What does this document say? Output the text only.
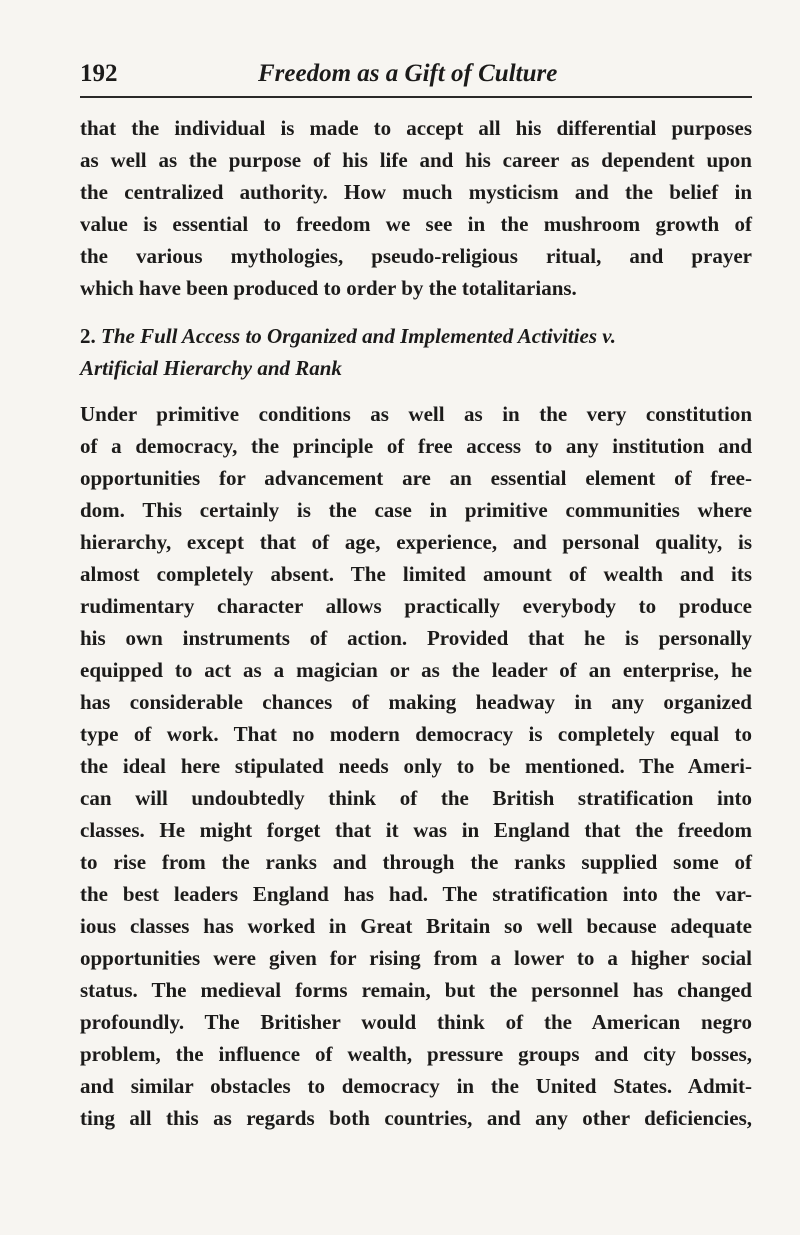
192	Freedom as a Gift of Culture
that the individual is made to accept all his differential purposes
as well as the purpose of his life and his career as dependent upon
the centralized authority. How much mysticism and the belief in
value is essential to freedom we see in the mushroom growth of
the various mythologies, pseudo-religious ritual, and prayer
which have been produced to order by the totalitarians.
2. The Full Access to Organized and Implemented Activities v.
Artificial Hierarchy and Rank
Under primitive conditions as well as in the very constitution
of a democracy, the principle of free access to any institution and
opportunities for advancement are an essential element of free-
dom. This certainly is the case in primitive communities where
hierarchy, except that of age, experience, and personal quality, is
almost completely absent. The limited amount of wealth and its
rudimentary character allows practically everybody to produce
his own instruments of action. Provided that he is personally
equipped to act as a magician or as the leader of an enterprise, he
has considerable chances of making headway in any organized
type of work. That no modern democracy is completely equal to
the ideal here stipulated needs only to be mentioned. The Ameri-
can will undoubtedly think of the British stratification into
classes. He might forget that it was in England that the freedom
to rise from the ranks and through the ranks supplied some of
the best leaders England has had. The stratification into the var-
ious classes has worked in Great Britain so well because adequate
opportunities were given for rising from a lower to a higher social
status. The medieval forms remain, but the personnel has changed
profoundly. The Britisher would think of the American negro
problem, the influence of wealth, pressure groups and city bosses,
and similar obstacles to democracy in the United States. Admit-
ting all this as regards both countries, and any other deficiencies,
